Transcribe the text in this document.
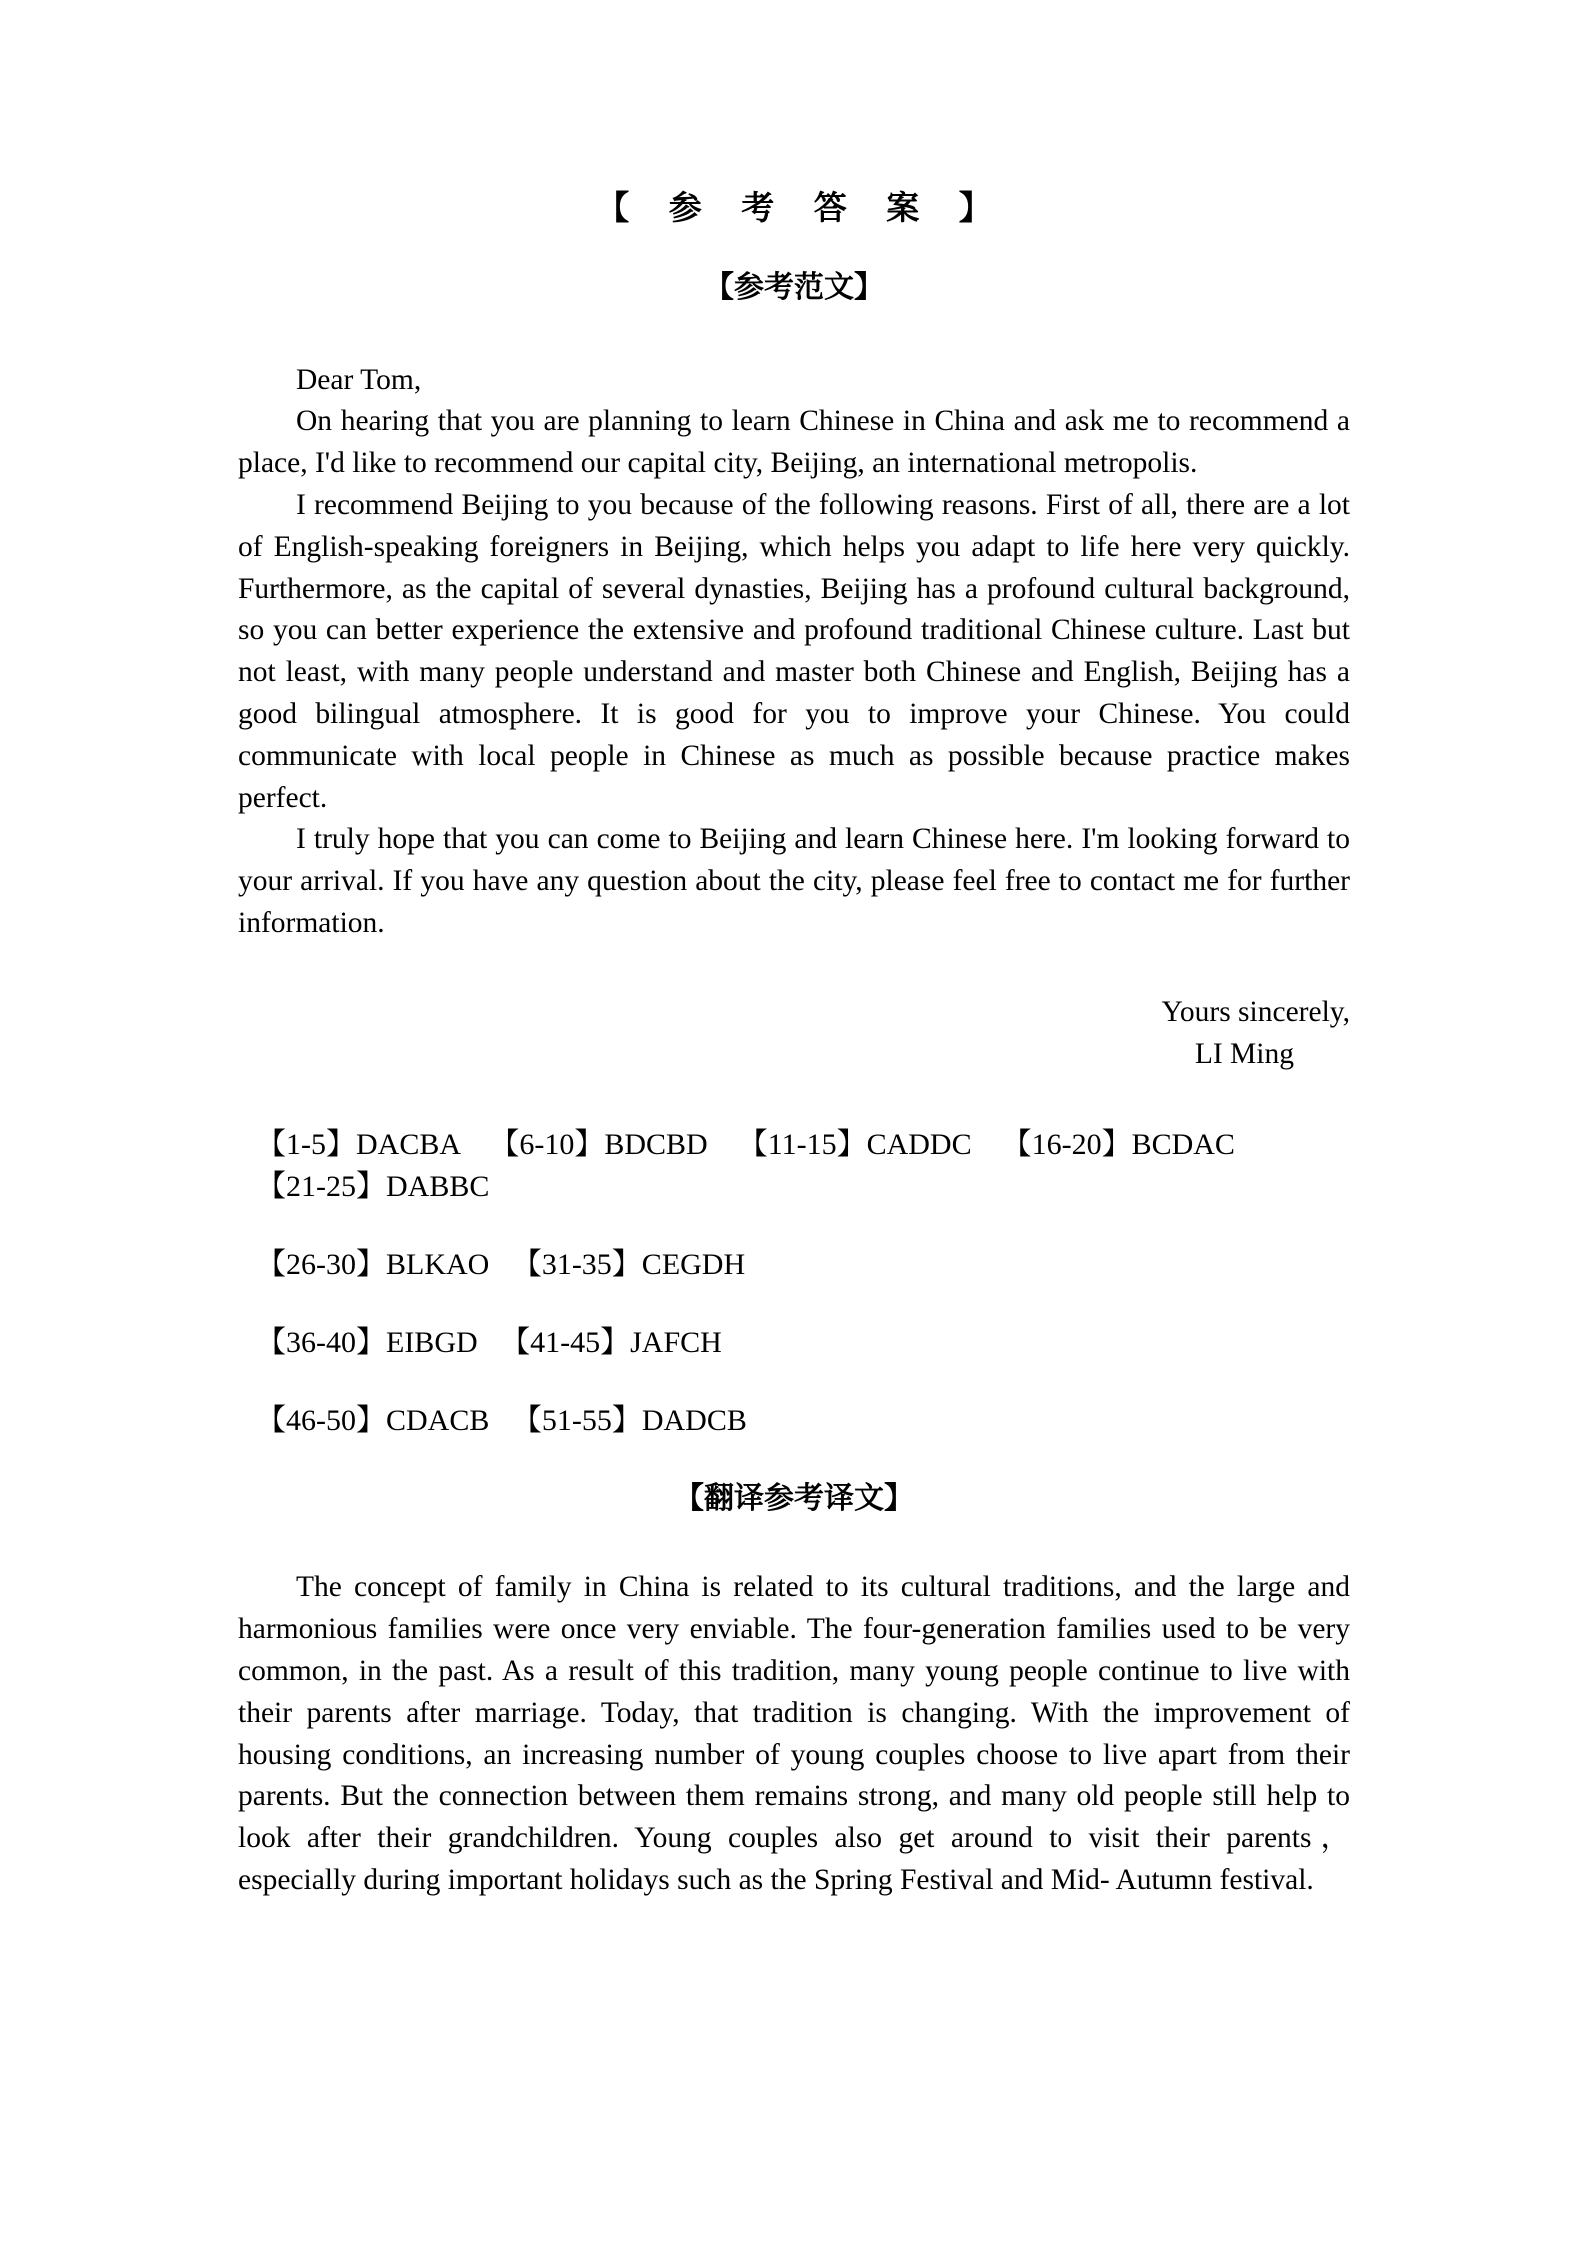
【 参 考 答 案 】
【参考范文】

Dear Tom,

On hearing that you are planning to learn Chinese in China and ask me to recommend a place, I'd like to recommend our capital city, Beijing, an international metropolis.

I recommend Beijing to you because of the following reasons. First of all, there are a lot of English-speaking foreigners in Beijing, which helps you adapt to life here very quickly. Furthermore, as the capital of several dynasties, Beijing has a profound cultural background, so you can better experience the extensive and profound traditional Chinese culture. Last but not least, with many people understand and master both Chinese and English, Beijing has a good bilingual atmosphere. It is good for you to improve your Chinese. You could communicate with local people in Chinese as much as possible because practice makes perfect.

I truly hope that you can come to Beijing and learn Chinese here. I'm looking forward to your arrival. If you have any question about the city, please feel free to contact me for further information.

Yours sincerely,
LI Ming

【1-5】DACBA    【6-10】BDCBD    【11-15】CADDC    【16-20】BCDAC

【21-25】DABBC

【26-30】BLKAO   【31-35】CEGDH

【36-40】EIBGD   【41-45】JAFCH

【46-50】CDACB   【51-55】DADCB

【翻译参考译文】

The concept of family in China is related to its cultural traditions, and the large and harmonious families were once very enviable. The four-generation families used to be very common, in the past. As a result of this tradition, many young people continue to live with their parents after marriage. Today, that tradition is changing. With the improvement of housing conditions, an increasing number of young couples choose to live apart from their parents. But the connection between them remains strong, and many old people still help to look after their grandchildren. Young couples also get around to visit their parents，especially during important holidays such as the Spring Festival and Mid- Autumn festival.
